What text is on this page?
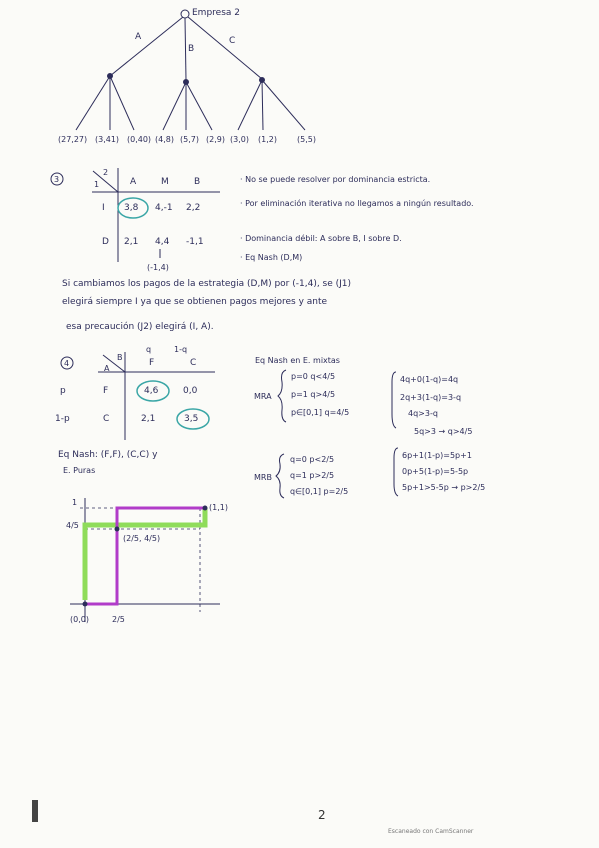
Empresa 2
A
B
C
(27,27) (3,41) (0,40) (4,8) (5,7) (2,9) (3,0) (1,2)	(5,5)
3
2
1	A	M	B
I 3,8 4,-1 2,2
D 2,1 4,4 -1,1
(-1,4)
· No se puede resolver por dominancia estricta.
· Por eliminación iterativa no llegamos a ningún resultado.
· Dominancia débil: A sobre B, I sobre D.
· Eq Nash (D,M)
Si cambiamos los pagos de la estrategia (D,M) por (-1,4), se (J1)
elegirá siempre I ya que se obtienen pagos mejores y ante
esa precaución (J2) elegirá (I, A).
4
q	1-q
B
A
F	C
p	F	4,6	0,0
1-p	C	2,1	3,5
Eq Nash: (F,F), (C,C) y
E. Puras
Eq Nash en E. mixtas
MRA
p=0 q<4/5
p=1 q>4/5
p∈[0,1] q=4/5
MRB
q=0 p<2/5
q=1 p>2/5
q∈[0,1] p=2/5
4q+0(1-q)=4q
2q+3(1-q)=3-q
4q>3-q
5q>3 → q>4/5
6p+1(1-p)=5p+1
0p+5(1-p)=5-5p
5p+1>5-5p → p>2/5
1
(1,1)
4/5
(2/5, 4/5)
(0,0)	2/5
2
Escaneado con CamScanner
